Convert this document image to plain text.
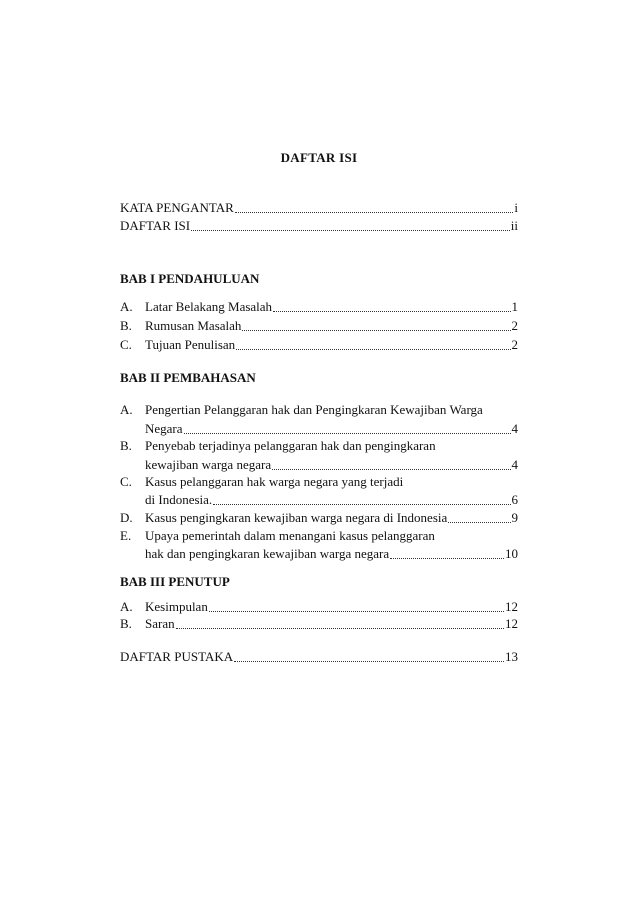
DAFTAR ISI
KATA PENGANTAR	i
DAFTAR ISI	ii
BAB I PENDAHULUAN
A. Latar Belakang Masalah	1
B.	Rumusan Masalah	2
C.	Tujuan Penulisan	2
BAB II PEMBAHASAN
A. Pengertian Pelanggaran hak dan Pengingkaran Kewajiban Warga
Negara	4
B.	Penyebab terjadinya pelanggaran hak dan pengingkaran
kewajiban warga negara	4
C.	Kasus pelanggaran hak warga negara yang terjadi
di Indonesia.	6
D. Kasus pengingkaran kewajiban warga negara di Indonesia	9
E.	Upaya pemerintah dalam menangani kasus pelanggaran
hak dan pengingkaran kewajiban warga negara	10
BAB III PENUTUP
A. Kesimpulan	12
B.	Saran	12
DAFTAR PUSTAKA	13
